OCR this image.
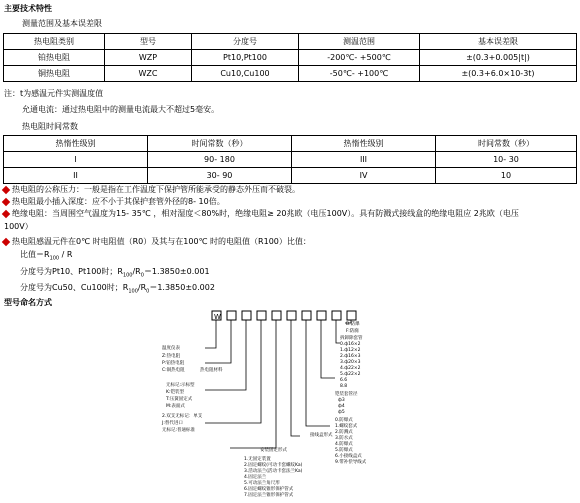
主要技术特性
测量范围及基本误差限
热电阻类别	型号	分度号	测温范围	基本误差限
铂热电阻	WZP	Pt10,Pt100	-200℃- +500℃	±(0.3+0.005|t|)
铜热电阻	WZC	Cu10,Cu100	-50℃- +100℃	±(0.3+6.0×10-3t)
注：t为感温元件实测温度值
允通电流：通过热电阻中的测量电流最大不超过5毫安。
热电阻时间常数
热惰性级别	时间常数（秒）	热惰性级别	时间常数（秒）
I	90- 180	III	10- 30
II	30- 90	IV	10
热电阻的公称压力：一般是指在工作温度下保护管所能承受的静态外压而不破裂。
热电阻最小插入深度：应不小于其保护套管外径的8- 10倍。
绝缘电阻：当周围空气温度为15- 35℃ ，相对湿度＜80%时，绝缘电阻≥ 20兆欧（电压100V）。具有防溅式接线盒的绝缘电阻应 2兆欧（电压
100V）
热电阻感温元件在0℃ 时电阻值（R0）及其与在100℃ 时的电阻值（R100）比值：
比值$=R_{100} / R$
分度号为Pt10、Pt100时；$R_{100}/R_0=1.3850\pm 0.001$
分度号为Cu50、Cu100时；$R_{100}/R_0=1.3850\pm 0.002$
型号命名方式
W
温度仪表
Z:热电阻
P:铂热电阻
C:铜热电阻	热电阻材料
无标记:示标型
K:铠装型
T:压簧固定式
M:表面式
2.双支无标记：单支
J:替代进口
无标记:普通标准
B:防爆
F:防腐
拆卸除套管
0.ф16×2
1.ф12×2
2.ф16×3
3.ф20×3
4.ф22×2
5.ф22×2
6.6
8.8
铠装套管径
ф3
ф4
ф5
0.防爆式
1.螺纹套式
2.防溅式
3.防水式
4.防爆式
5.防爆式
6.小接线盒式
9.带补偿导线式
接线盒形式
安装固定形式
1.无固定装置
2.固定螺纹(可动卡套螺纹Ka)
3.活动法兰(活动卡套法兰Ka)
4.固定法兰
5.可动法兰角尺形
6.固定螺纹锥形保护管式
7.固定法兰锥形保护管式
